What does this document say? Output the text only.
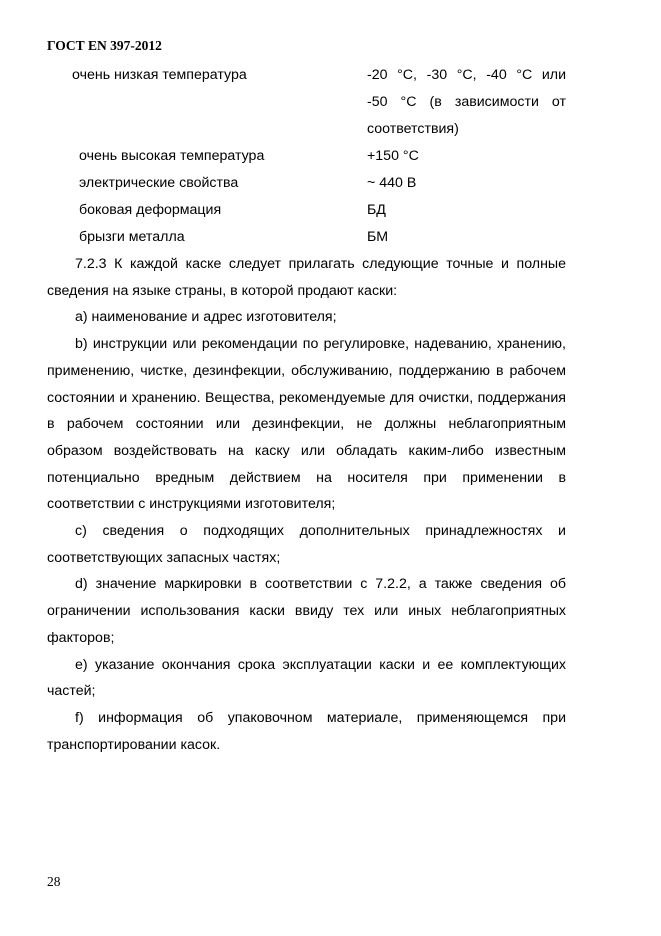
ГОСТ EN 397-2012
очень низкая температура	-20 °C, -30 °C, -40 °C или
-50 °C (в зависимости от
соответствия)
очень высокая температура	+150 °C
электрические свойства	~ 440 В
боковая деформация	БД
брызги металла	БМ

7.2.3 К каждой каске следует прилагать следующие точные и полные сведения на языке страны, в которой продают каски:

a) наименование и адрес изготовителя;

b) инструкции или рекомендации по регулировке, надеванию, хранению, применению, чистке, дезинфекции, обслуживанию, поддержанию в рабочем состоянии и хранению. Вещества, рекомендуемые для очистки, поддержания в рабочем состоянии или дезинфекции, не должны неблагоприятным образом воздействовать на каску или обладать каким-либо известным потенциально вредным действием на носителя при применении в соответствии с инструкциями изготовителя;

c) сведения о подходящих дополнительных принадлежностях и соответствующих запасных частях;

d) значение маркировки в соответствии с 7.2.2, а также сведения об ограничении использования каски ввиду тех или иных неблагоприятных факторов;

e) указание окончания срока эксплуатации каски и ее комплектующих частей;

f) информация об упаковочном материале, применяющемся при транспортировании касок.

28
